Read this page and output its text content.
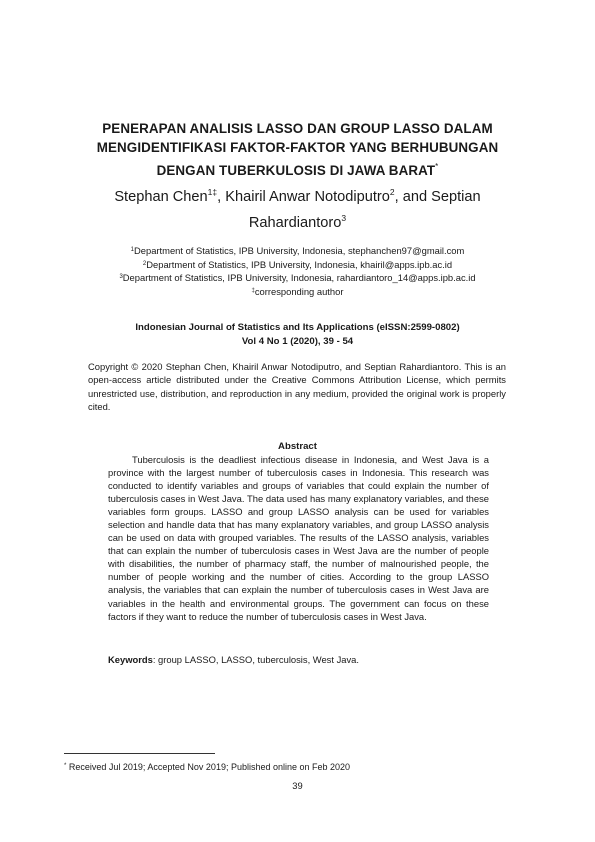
PENERAPAN ANALISIS LASSO DAN GROUP LASSO DALAM
MENGIDENTIFIKASI FAKTOR-FAKTOR YANG BERHUBUNGAN
DENGAN TUBERKULOSIS DI JAWA BARAT*
Stephan Chen$^{1\ddagger}$, Khairil Anwar Notodiputro$^2$, and Septian
Rahardiantoro$^3$
$^1$Department of Statistics, IPB University, Indonesia, stephanchen97@gmail.com
$^2$Department of Statistics, IPB University, Indonesia, khairil@apps.ipb.ac.id
$^3$Department of Statistics, IPB University, Indonesia, rahardiantoro_14@apps.ipb.ac.id
‡corresponding author
Indonesian Journal of Statistics and Its Applications (eISSN:2599-0802)
Vol 4 No 1 (2020), 39 - 54
Copyright © 2020 Stephan Chen, Khairil Anwar Notodiputro, and Septian Rahardiantoro. This is an open-access article distributed under the Creative Commons Attribution License, which permits unrestricted use, distribution, and reproduction in any medium, provided the original work is properly cited.
Abstract
Tuberculosis is the deadliest infectious disease in Indonesia, and West Java is a province with the largest number of tuberculosis cases in Indonesia. This research was conducted to identify variables and groups of variables that could explain the number of tuberculosis cases in West Java. The data used has many explanatory variables, and these variables form groups. LASSO and group LASSO analysis can be used for variables selection and handle data that has many explanatory variables, and group LASSO analysis can be used on data with grouped variables. The results of the LASSO analysis, variables that can explain the number of tuberculosis cases in West Java are the number of people with disabilities, the number of pharmacy staff, the number of malnourished people, the number of people working and the number of cities. According to the group LASSO analysis, the variables that can explain the number of tuberculosis cases in West Java are variables in the health and environmental groups. The government can focus on these factors if they want to reduce the number of tuberculosis cases in West Java.
Keywords: group LASSO, LASSO, tuberculosis, West Java.
* Received Jul 2019; Accepted Nov 2019; Published online on Feb 2020
39
